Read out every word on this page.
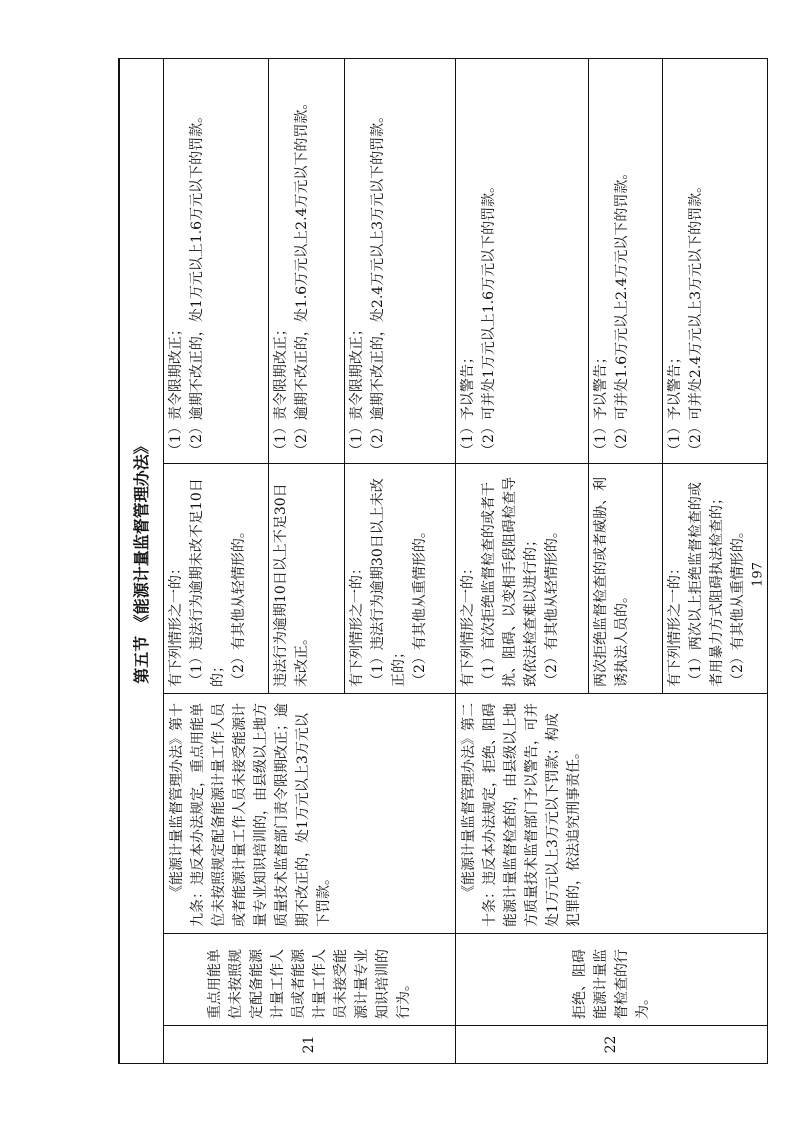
第五节 《能源计量监督管理办法》				
21	重点用能单位未按照规定配备能源计量工作人员或者能源计量工作人员未接受能源计量专业知识培训的行为。	《能源计量监督管理办法》第十九条：违反本办法规定，重点用能单位未按照规定配备能源计量工作人员或者能源计量工作人员未接受能源计量专业知识培训的，由县级以上地方质量技术监督部门责令限期改正；逾期不改正的，处1万元以上3万元以下罚款。	有下列情形之一的： （1）违法行为逾期未改不足10日的； （2）有其他从轻情形的。	（1）责令限期改正； （2）逾期不改正的，处1万元以上1.6万元以下的罚款。

			违法行为逾期10日以上不足30日未改正。	（1）责令限期改正； （2）逾期不改正的，处1.6万元以上2.4万元以下的罚款。

			有下列情形之一的： （1）违法行为逾期30日以上未改正的； （2）有其他从重情形的。	（1）责令限期改正； （2）逾期不改正的，处2.4万元以上3万元以下的罚款。

22	拒绝、阻碍能源计量监督检查的行为。	《能源计量监督管理办法》第二十条：违反本办法规定，拒绝、阻碍能源计量监督检查的，由县级以上地方质量技术监督部门予以警告，可并处1万元以上3万元以下罚款；构成犯罪的，依法追究刑事责任。	有下列情形之一的： （1）首次拒绝监督检查的或者干扰、阻碍、以变相手段阻碍检查导致依法检查难以进行的； （2）有其他从轻情形的。	（1）予以警告； （2）可并处1万元以上1.6万元以下的罚款。

			两次拒绝监督检查的或者威胁、利诱执法人员的。	（1）予以警告； （2）可并处1.6万元以上2.4万元以下的罚款。

			有下列情形之一的： （1）两次以上拒绝监督检查的或者用暴力方式阻碍执法检查的； （2）有其他从重情形的。	（1）予以警告； （2）可并处2.4万元以上3万元以下的罚款。
197
